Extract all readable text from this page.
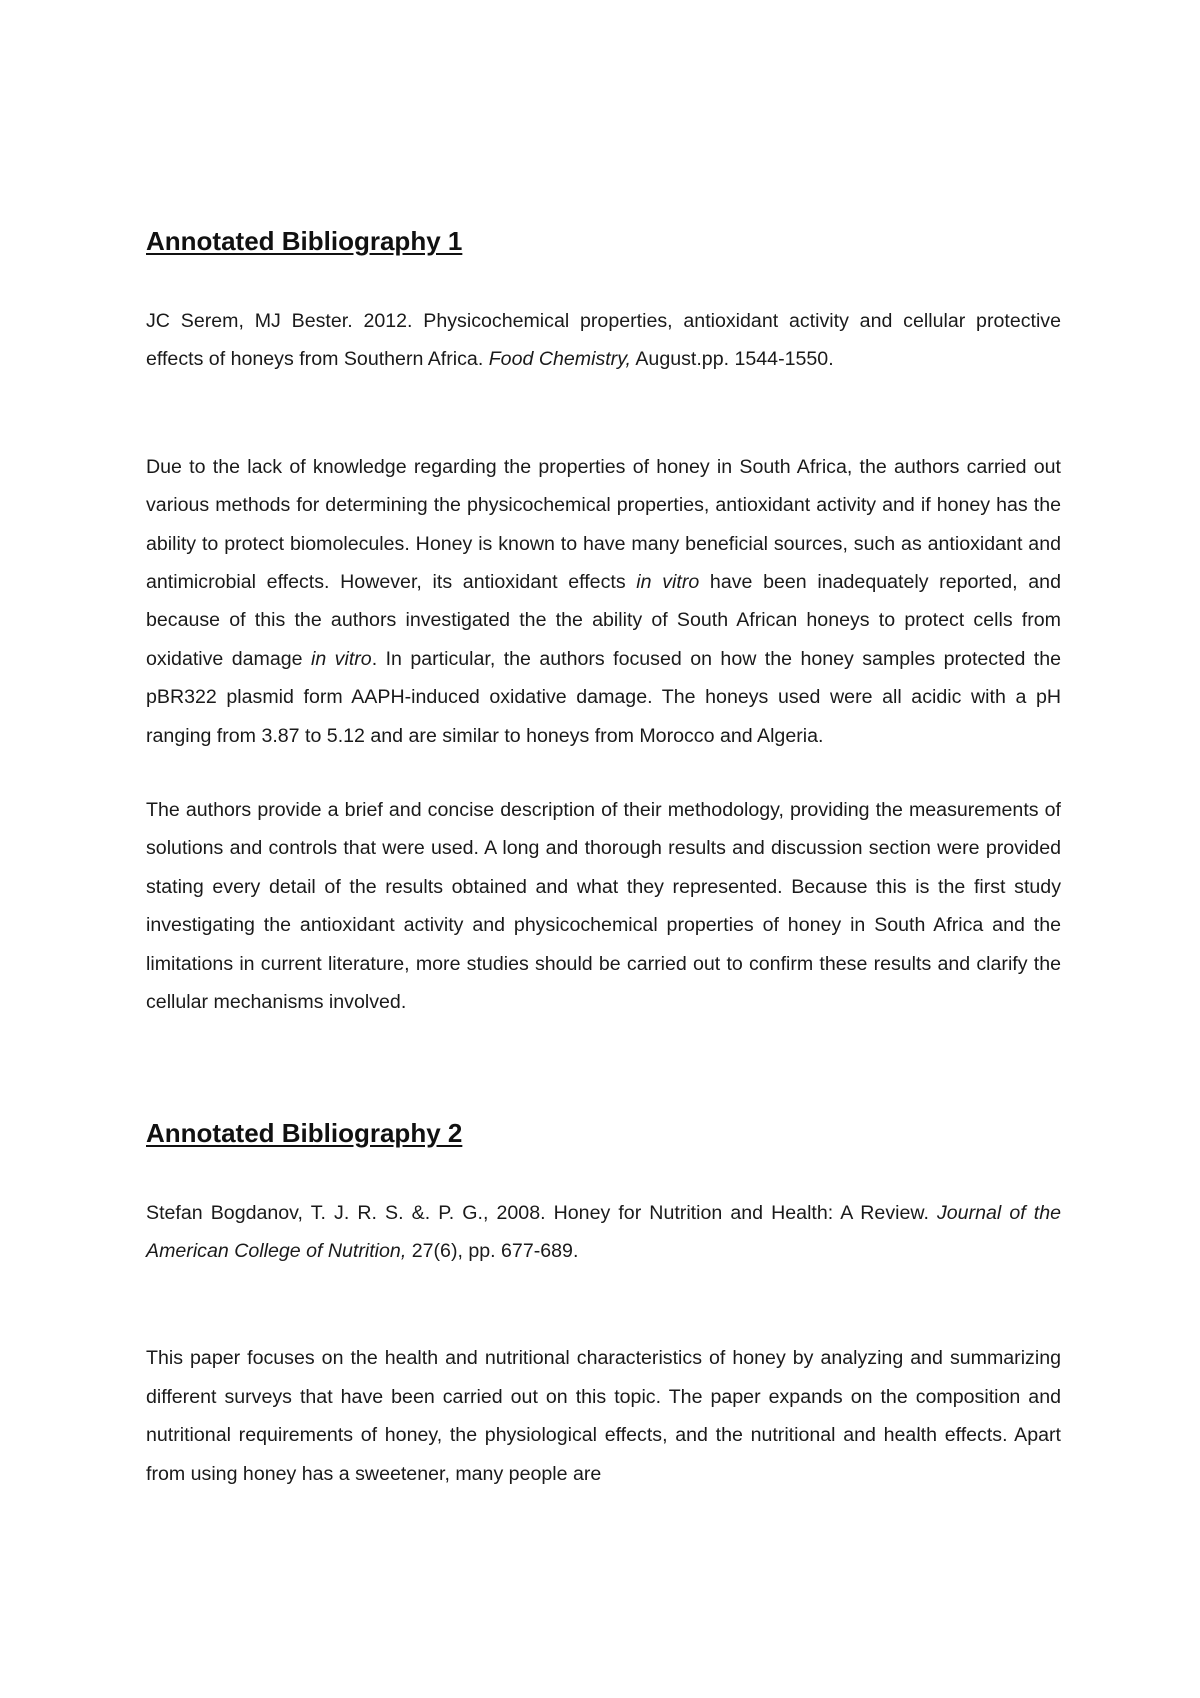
Annotated Bibliography 1

JC Serem, MJ Bester. 2012. Physicochemical properties, antioxidant activity and cellular protective effects of honeys from Southern Africa. Food Chemistry, August.pp. 1544-1550.

Due to the lack of knowledge regarding the properties of honey in South Africa, the authors carried out various methods for determining the physicochemical properties, antioxidant activity and if honey has the ability to protect biomolecules. Honey is known to have many beneficial sources, such as antioxidant and antimicrobial effects. However, its antioxidant effects in vitro have been inadequately reported, and because of this the authors investigated the the ability of South African honeys to protect cells from oxidative damage in vitro. In particular, the authors focused on how the honey samples protected the pBR322 plasmid form AAPH-induced oxidative damage. The honeys used were all acidic with a pH ranging from 3.87 to 5.12 and are similar to honeys from Morocco and Algeria.

The authors provide a brief and concise description of their methodology, providing the measurements of solutions and controls that were used. A long and thorough results and discussion section were provided stating every detail of the results obtained and what they represented. Because this is the first study investigating the antioxidant activity and physicochemical properties of honey in South Africa and the limitations in current literature, more studies should be carried out to confirm these results and clarify the cellular mechanisms involved.

Annotated Bibliography 2

Stefan Bogdanov, T. J. R. S. &. P. G., 2008. Honey for Nutrition and Health: A Review. Journal of the American College of Nutrition, 27(6), pp. 677-689.

This paper focuses on the health and nutritional characteristics of honey by analyzing and summarizing different surveys that have been carried out on this topic. The paper expands on the composition and nutritional requirements of honey, the physiological effects, and the nutritional and health effects. Apart from using honey has a sweetener, many people are
